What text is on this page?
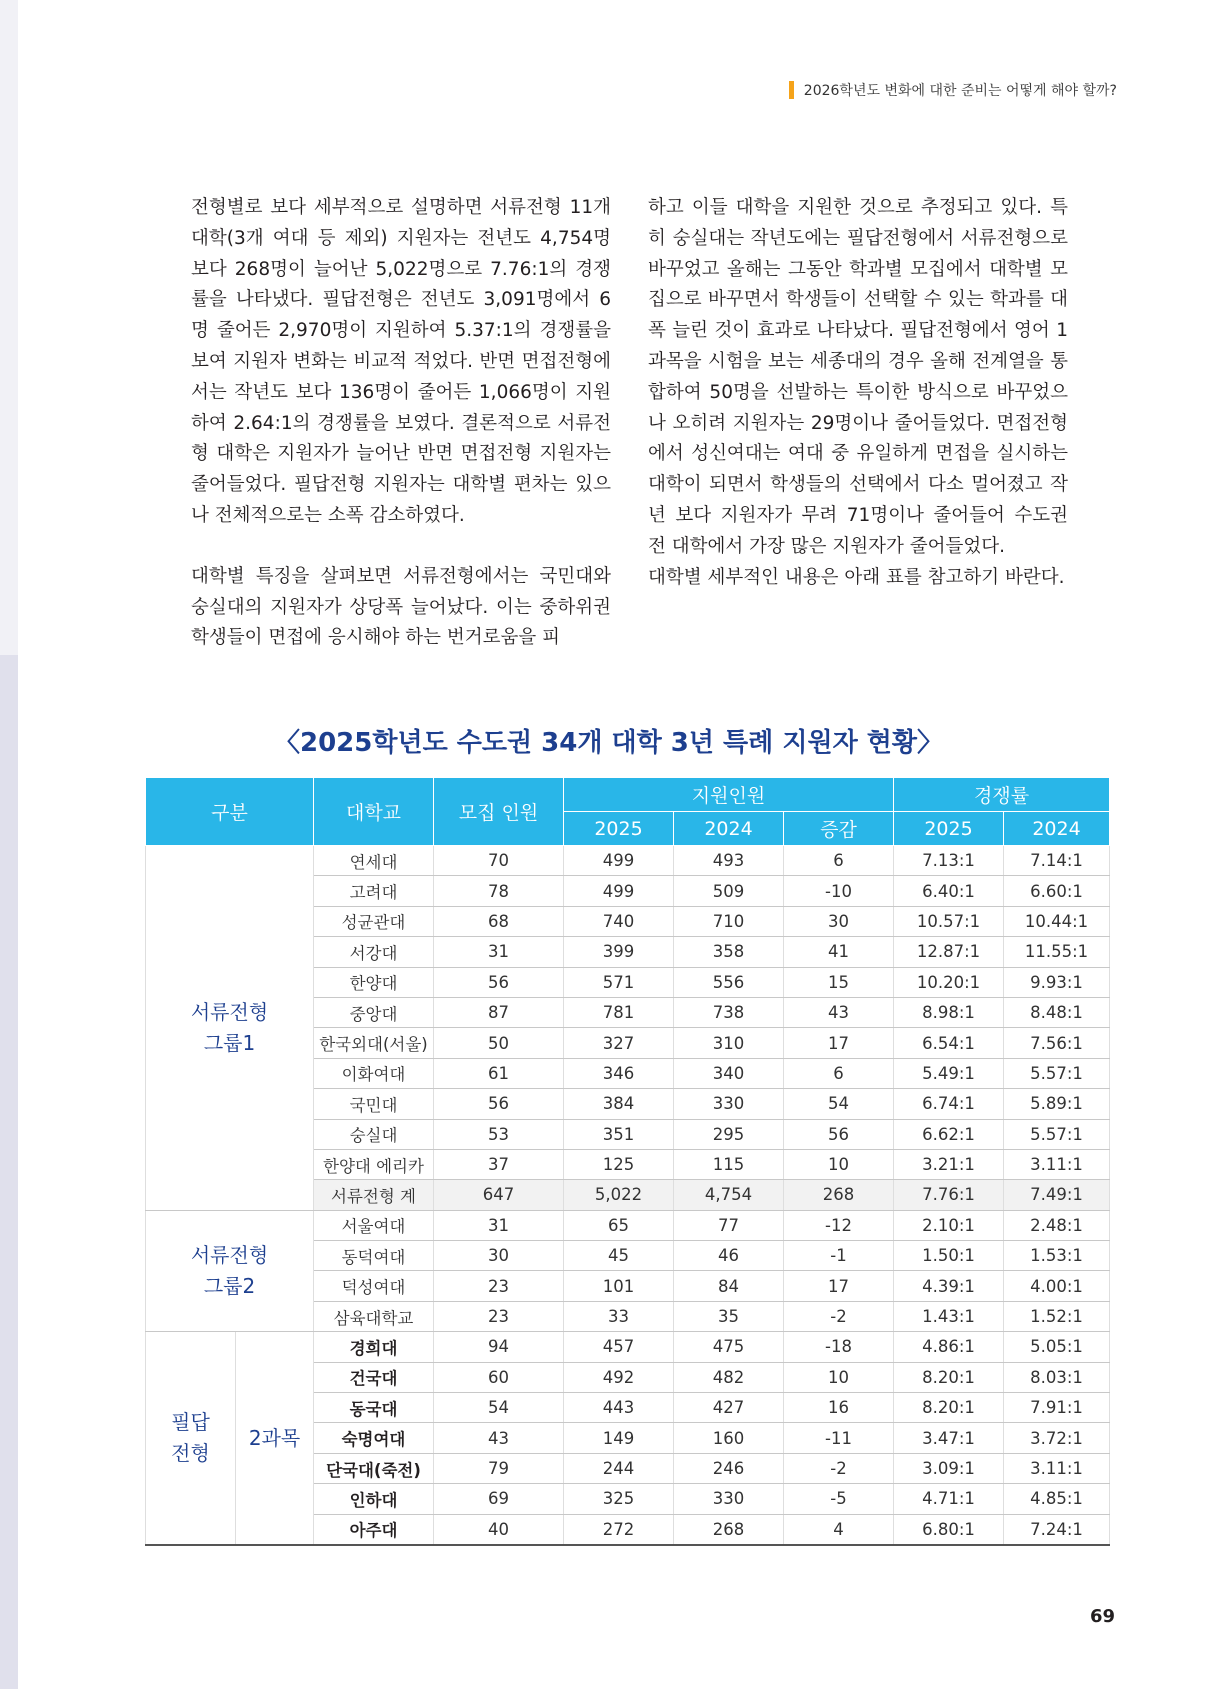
2026학년도 변화에 대한 준비는 어떻게 해야 할까?

전형별로 보다 세부적으로 설명하면 서류전형 11개 대학(3개 여대 등 제외) 지원자는 전년도 4,754명 보다 268명이 늘어난 5,022명으로 7.76:1의 경쟁률을 나타냈다. 필답전형은 전년도 3,091명에서 6명 줄어든 2,970명이 지원하여 5.37:1의 경쟁률을 보여 지원자 변화는 비교적 적었다. 반면 면접전형에서는 작년도 보다 136명이 줄어든 1,066명이 지원하여 2.64:1의 경쟁률을 보였다. 결론적으로 서류전형 대학은 지원자가 늘어난 반면 면접전형 지원자는 줄어들었다. 필답전형 지원자는 대학별 편차는 있으나 전체적으로는 소폭 감소하였다.

대학별 특징을 살펴보면 서류전형에서는 국민대와 숭실대의 지원자가 상당폭 늘어났다. 이는 중하위권 학생들이 면접에 응시해야 하는 번거로움을 피

하고 이들 대학을 지원한 것으로 추정되고 있다. 특히 숭실대는 작년도에는 필답전형에서 서류전형으로 바꾸었고 올해는 그동안 학과별 모집에서 대학별 모집으로 바꾸면서 학생들이 선택할 수 있는 학과를 대폭 늘린 것이 효과로 나타났다. 필답전형에서 영어 1과목을 시험을 보는 세종대의 경우 올해 전계열을 통합하여 50명을 선발하는 특이한 방식으로 바꾸었으나 오히려 지원자는 29명이나 줄어들었다. 면접전형에서 성신여대는 여대 중 유일하게 면접을 실시하는 대학이 되면서 학생들의 선택에서 다소 멀어졌고 작년 보다 지원자가 무려 71명이나 줄어들어 수도권 전 대학에서 가장 많은 지원자가 줄어들었다.

대학별 세부적인 내용은 아래 표를 참고하기 바란다.

〈2025학년도 수도권 34개 대학 3년 특례 지원자 현황〉
구분		대학교	모집 인원	지원인원			경쟁률	
				2025	2024	증감	2025	2024
서류전형
그룹1		연세대	70	499	493	6	7.13:1	7.14:1
		고려대	78	499	509	-10	6.40:1	6.60:1
		성균관대	68	740	710	30	10.57:1	10.44:1
		서강대	31	399	358	41	12.87:1	11.55:1
		한양대	56	571	556	15	10.20:1	9.93:1
		중앙대	87	781	738	43	8.98:1	8.48:1
		한국외대(서울)	50	327	310	17	6.54:1	7.56:1
		이화여대	61	346	340	6	5.49:1	5.57:1
		국민대	56	384	330	54	6.74:1	5.89:1
		숭실대	53	351	295	56	6.62:1	5.57:1
		한양대 에리카	37	125	115	10	3.21:1	3.11:1
		서류전형 계	647	5,022	4,754	268	7.76:1	7.49:1
서류전형
그룹2		서울여대	31	65	77	-12	2.10:1	2.48:1
		동덕여대	30	45	46	-1	1.50:1	1.53:1
		덕성여대	23	101	84	17	4.39:1	4.00:1
		삼육대학교	23	33	35	-2	1.43:1	1.52:1
필답
전형	2과목	경희대	94	457	475	-18	4.86:1	5.05:1
		건국대	60	492	482	10	8.20:1	8.03:1
		동국대	54	443	427	16	8.20:1	7.91:1
		숙명여대	43	149	160	-11	3.47:1	3.72:1
		단국대(죽전)	79	244	246	-2	3.09:1	3.11:1
		인하대	69	325	330	-5	4.71:1	4.85:1
		아주대	40	272	268	4	6.80:1	7.24:1
69
